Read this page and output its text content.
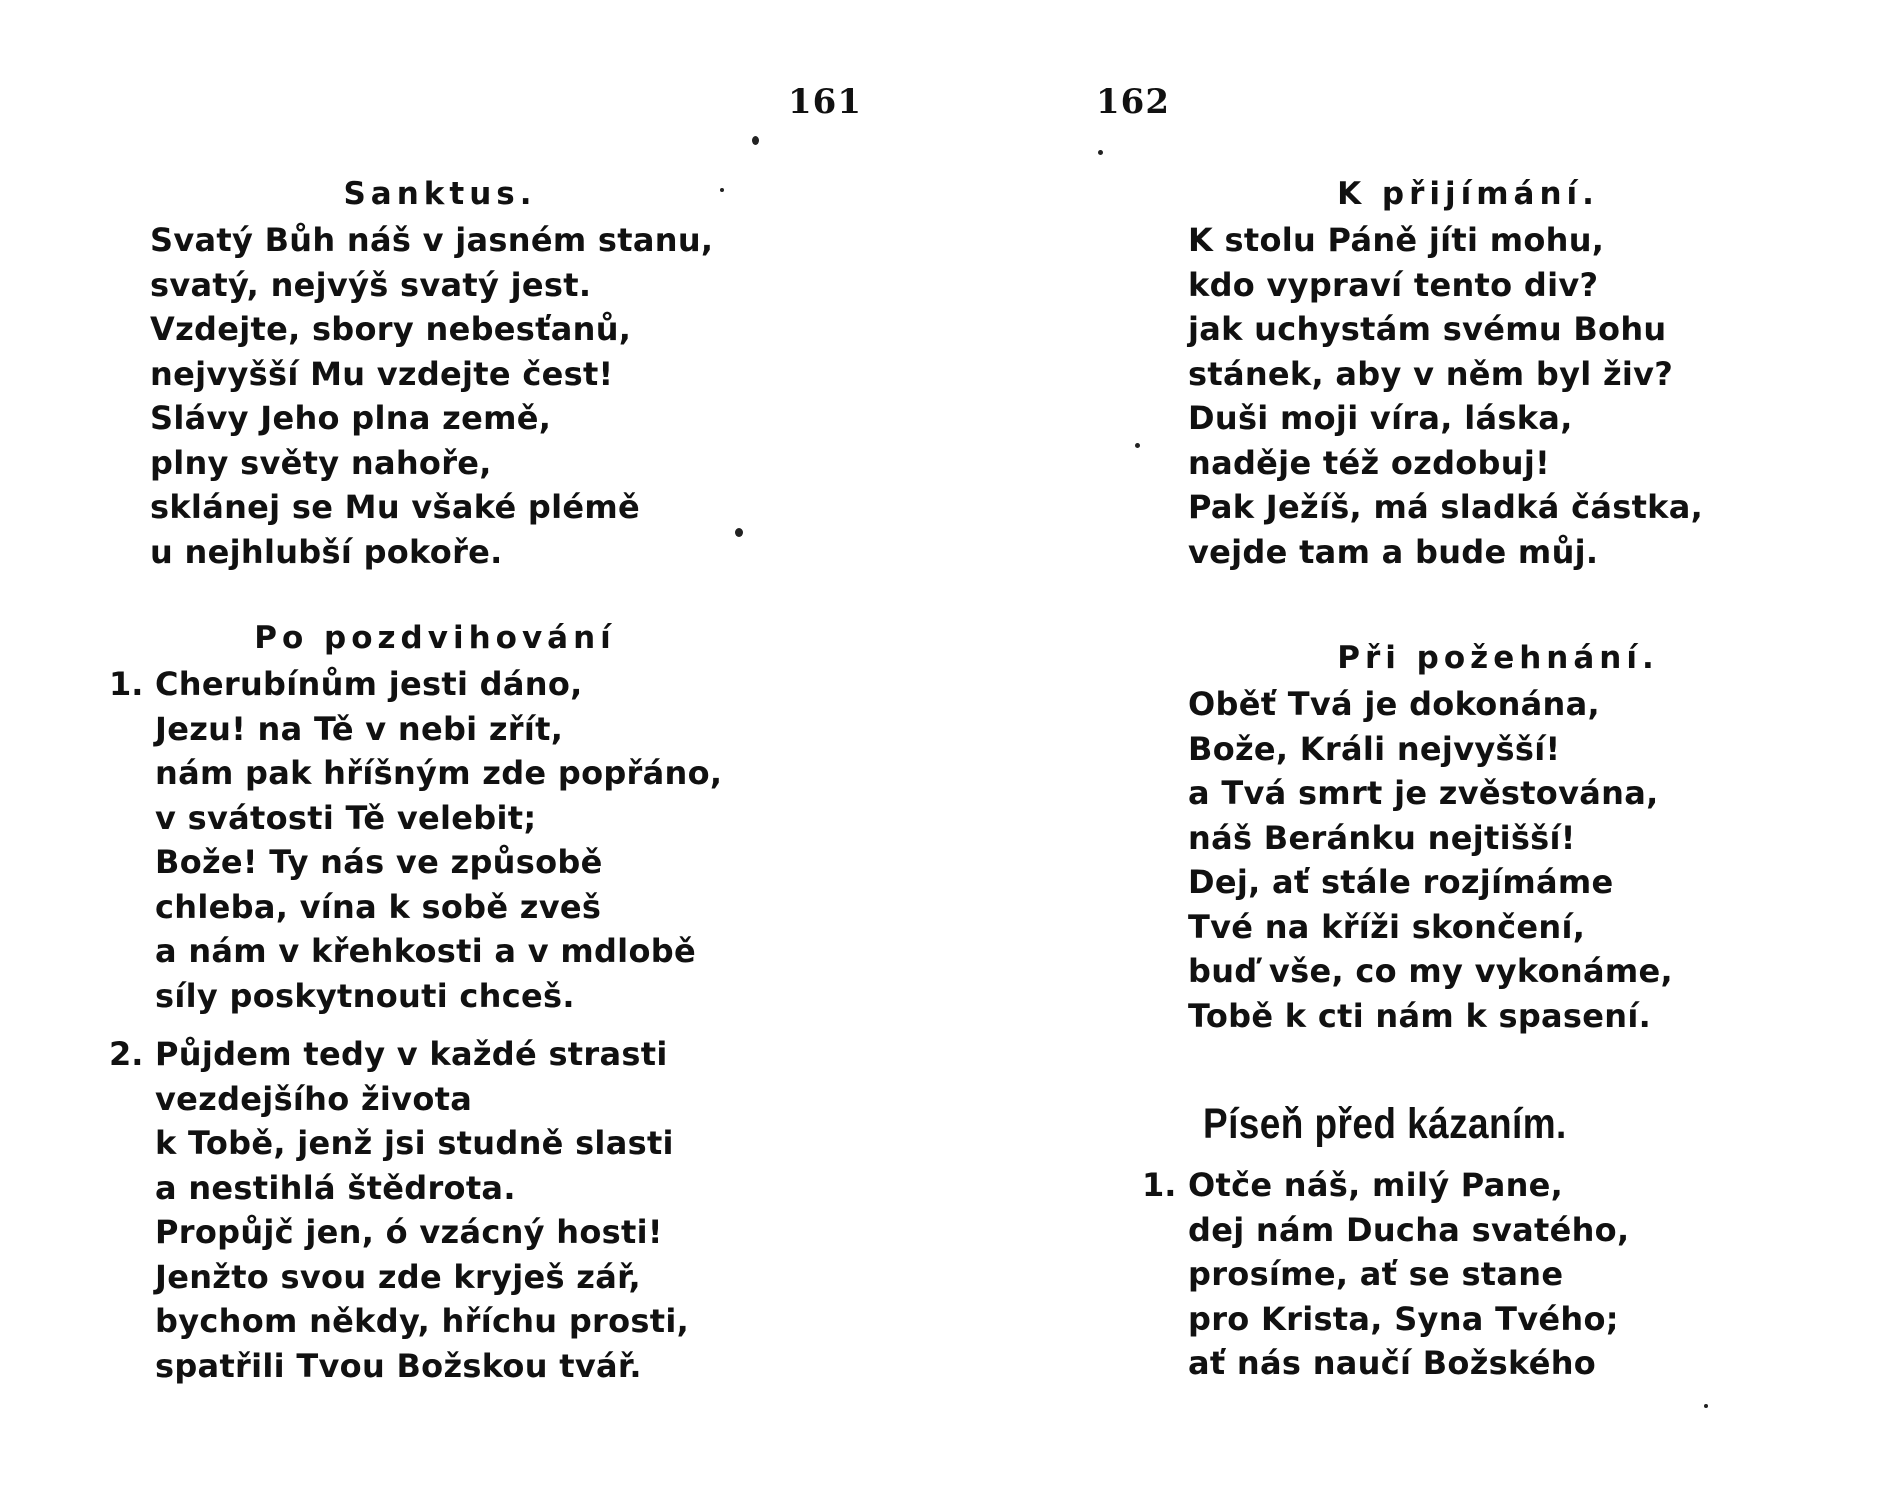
161
Sanktus.
Svatý Bůh náš v jasném stanu,
svatý, nejvýš svatý jest.
Vzdejte, sbory nebesťanů,
nejvyšší Mu vzdejte čest!
Slávy Jeho plna země,
plny světy nahoře,
sklánej se Mu všaké plémě
u nejhlubší pokoře.
Po pozdvihování
1. Cherubínům jesti dáno,
Jezu! na Tě v nebi zřít,
nám pak hříšným zde popřáno,
v svátosti Tě velebit;
Bože! Ty nás ve způsobě
chleba, vína k sobě zveš
a nám v křehkosti a v mdlobě
síly poskytnouti chceš.
2. Půjdem tedy v každé strasti
vezdejšího života
k Tobě, jenž jsi studně slasti
a nestihlá štědrota.
Propůjč jen, ó vzácný hosti!
Jenžto svou zde kryješ zář,
bychom někdy, hříchu prosti,
spatřili Tvou Božskou tvář.
162
K přijímání.
K stolu Páně jíti mohu,
kdo vypraví tento div?
jak uchystám svému Bohu
stánek, aby v něm byl živ?
Duši moji víra, láska,
naděje též ozdobuj!
Pak Ježíš, má sladká částka,
vejde tam a bude můj.
Při požehnání.
Oběť Tvá je dokonána,
Bože, Králi nejvyšší!
a Tvá smrt je zvěstována,
náš Beránku nejtišší!
Dej, ať stále rozjímáme
Tvé na kříži skončení,
buď vše, co my vykonáme,
Tobě k cti nám k spasení.
Píseň před kázaním.
1. Otče náš, milý Pane,
dej nám Ducha svatého,
prosíme, ať se stane
pro Krista, Syna Tvého;
ať nás naučí Božského
